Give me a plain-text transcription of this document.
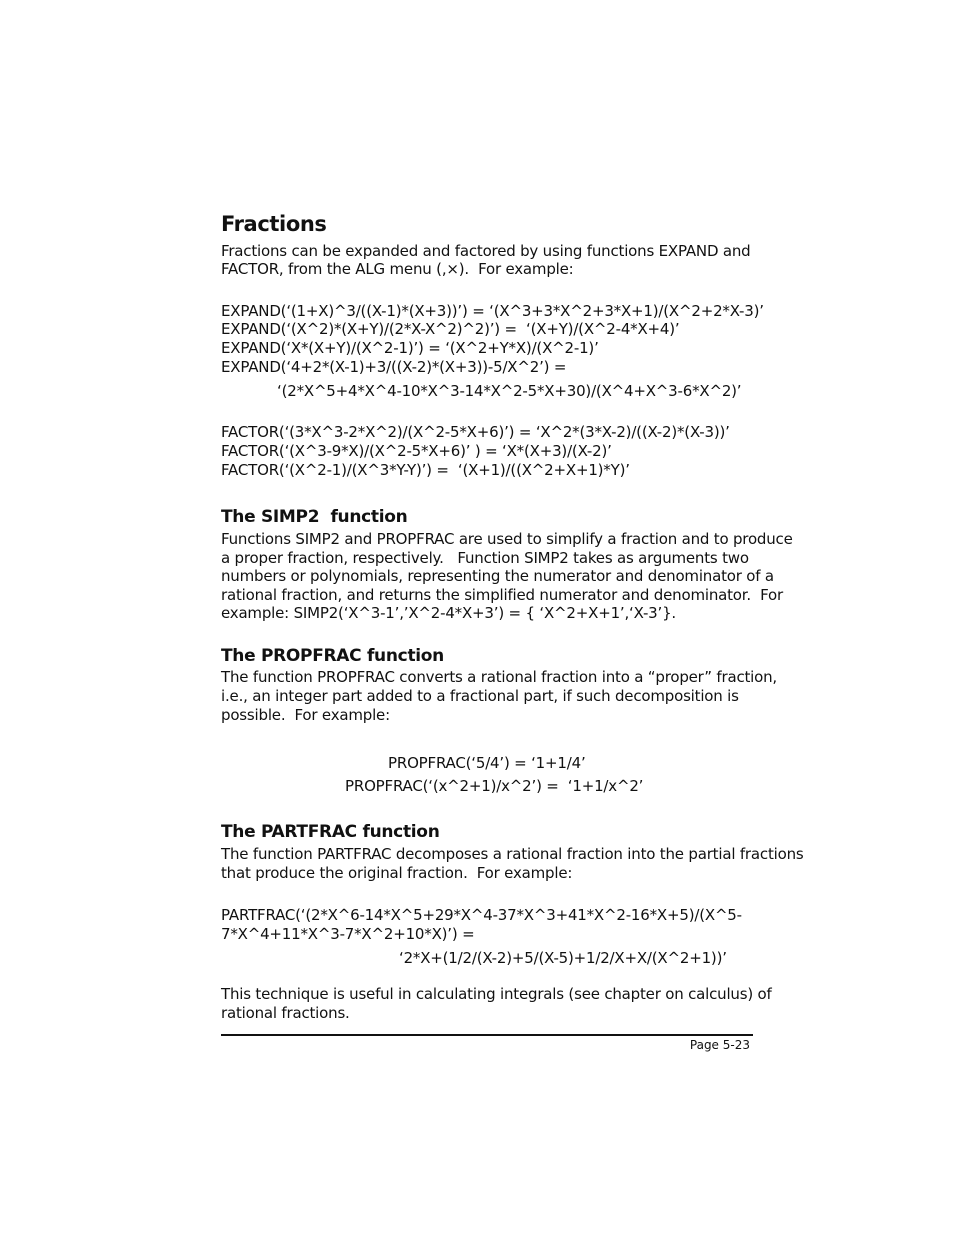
Fractions
Fractions can be expanded and factored by using functions EXPAND and
FACTOR, from the ALG menu (‚×).  For example:
EXPAND(‘(1+X)^3/((X-1)*(X+3))’) = ‘(X^3+3*X^2+3*X+1)/(X^2+2*X-3)’
EXPAND(‘(X^2)*(X+Y)/(2*X-X^2)^2)’) =  ‘(X+Y)/(X^2-4*X+4)’
EXPAND(‘X*(X+Y)/(X^2-1)’) = ‘(X^2+Y*X)/(X^2-1)’
EXPAND(‘4+2*(X-1)+3/((X-2)*(X+3))-5/X^2’) =
‘(2*X^5+4*X^4-10*X^3-14*X^2-5*X+30)/(X^4+X^3-6*X^2)’
FACTOR(‘(3*X^3-2*X^2)/(X^2-5*X+6)’) = ‘X^2*(3*X-2)/((X-2)*(X-3))’
FACTOR(‘(X^3-9*X)/(X^2-5*X+6)’ ) = ‘X*(X+3)/(X-2)’
FACTOR(‘(X^2-1)/(X^3*Y-Y)’) =  ‘(X+1)/((X^2+X+1)*Y)’
The SIMP2  function
Functions SIMP2 and PROPFRAC are used to simplify a fraction and to produce
a proper fraction, respectively.   Function SIMP2 takes as arguments two
numbers or polynomials, representing the numerator and denominator of a
rational fraction, and returns the simplified numerator and denominator.  For
example: SIMP2(‘X^3-1’,’X^2-4*X+3’) = { ‘X^2+X+1’,‘X-3’}.
The PROPFRAC function
The function PROPFRAC converts a rational fraction into a “proper” fraction,
i.e., an integer part added to a fractional part, if such decomposition is
possible.  For example:
PROPFRAC(‘5/4’) = ‘1+1/4’
PROPFRAC(‘(x^2+1)/x^2’) =  ‘1+1/x^2’
The PARTFRAC function
The function PARTFRAC decomposes a rational fraction into the partial fractions
that produce the original fraction.  For example:
PARTFRAC(‘(2*X^6-14*X^5+29*X^4-37*X^3+41*X^2-16*X+5)/(X^5-
7*X^4+11*X^3-7*X^2+10*X)’) =
‘2*X+(1/2/(X-2)+5/(X-5)+1/2/X+X/(X^2+1))’
This technique is useful in calculating integrals (see chapter on calculus) of
rational fractions.
Page 5-23
